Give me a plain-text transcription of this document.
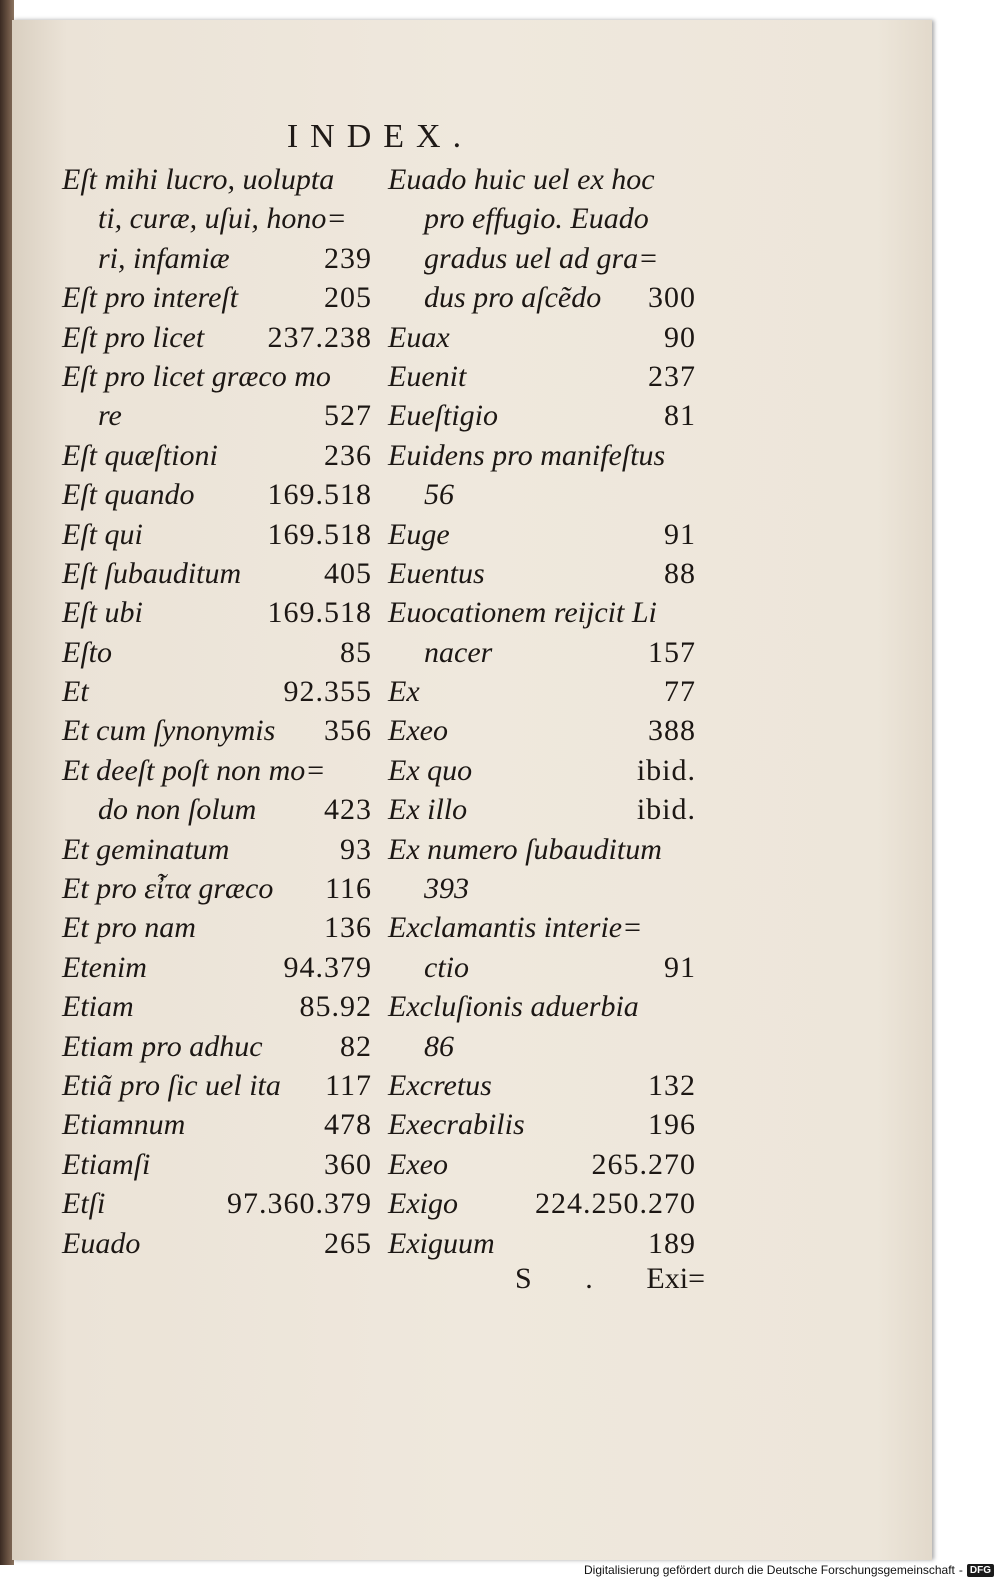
INDEX.
Eſt mihi lucro, uolupta
ti, curæ, uſui, hono=
ri, infamiæ	239
Eſt pro intereſt	205
Eſt pro licet 237.238
Eſt pro licet græco mo
re	527
Eſt quæſtioni	236
Eſt quando 169.518
Eſt qui	169.518
Eſt ſubauditum	405
Eſt ubi	169.518
Eſto	85
Et	92.355
Et cum ſynonymis 356
Et deeſt poſt non mo=
do non ſolum 423
Et geminatum	93
Et pro εἶτα græco 116
Et pro nam	136
Etenim	94.379
Etiam	85.92
Etiam pro adhuc	82
Etiã pro ſic uel ita 117
Etiamnum	478
Etiamſi	360
Etſi	97.360.379
Euado	265
Euado huic uel ex hoc
pro effugio. Euado
gradus uel ad gra=
dus pro aſcẽdo 300
Euax	90
Euenit	237
Eueſtigio	81
Euidens pro manifeſtus
56
Euge	91
Euentus	88
Euocationem reijcit Li
nacer	157
Ex	77
Exeo	388
Ex quo	ibid.
Ex illo	ibid.
Ex numero ſubauditum
393
Exclamantis interie=
ctio	91
Excluſionis aduerbia
86
Excretus	132
Execrabilis	196
Exeo	265.270
Exigo	224.250.270
Exiguum	189
S . Exi=
Digitalisierung gefördert durch die Deutsche Forschungsgemeinschaft - DFG
